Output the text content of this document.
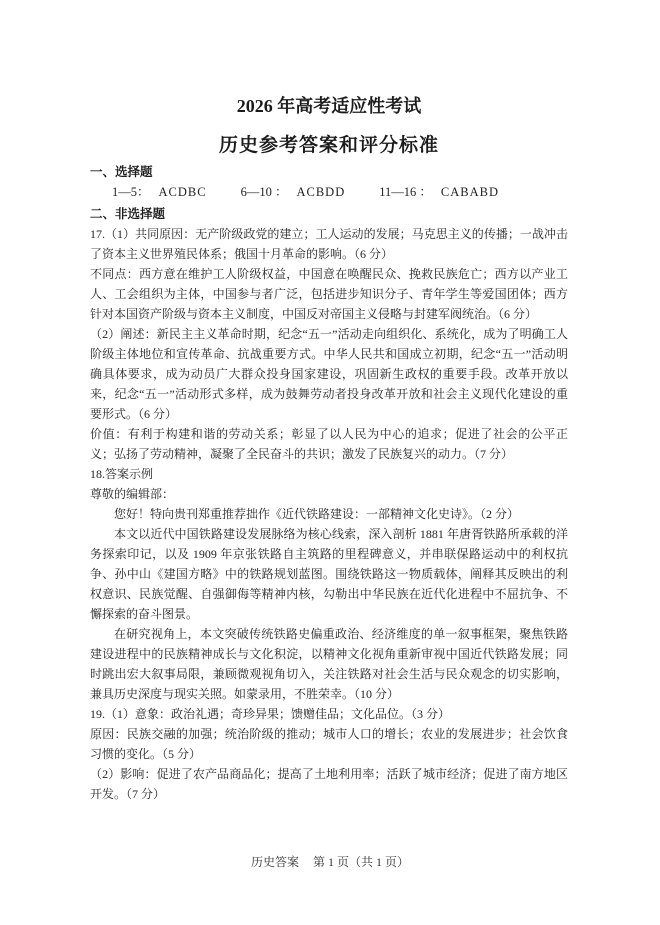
2026 年高考适应性考试
历史参考答案和评分标准
一、选择题
1—5： ACDBC	6—10 ： ACBDD	11—16 ： CABABD
二、非选择题

17.（1）共同原因：无产阶级政党的建立；工人运动的发展；马克思主义的传播；一战冲击了资本主义世界殖民体系；俄国十月革命的影响。（6 分）

不同点：西方意在维护工人阶级权益，中国意在唤醒民众、挽救民族危亡；西方以产业工人、工会组织为主体，中国参与者广泛，包括进步知识分子、青年学生等爱国团体；西方针对本国资产阶级与资本主义制度，中国反对帝国主义侵略与封建军阀统治。（6 分）

（2）阐述：新民主主义革命时期，纪念“五一”活动走向组织化、系统化，成为了明确工人阶级主体地位和宣传革命、抗战重要方式。中华人民共和国成立初期，纪念“五一”活动明确具体要求，成为动员广大群众投身国家建设，巩固新生政权的重要手段。改革开放以来，纪念“五一”活动形式多样，成为鼓舞劳动者投身改革开放和社会主义现代化建设的重要形式。（6 分）

价值：有利于构建和谐的劳动关系；彰显了以人民为中心的追求；促进了社会的公平正义；弘扬了劳动精神，凝聚了全民奋斗的共识；激发了民族复兴的动力。（7 分）

18.答案示例

尊敬的编辑部：

您好！特向贵刊郑重推荐拙作《近代铁路建设：一部精神文化史诗》。（2 分）

本文以近代中国铁路建设发展脉络为核心线索，深入剖析 1881 年唐胥铁路所承载的洋务探索印记，以及 1909 年京张铁路自主筑路的里程碑意义，并串联保路运动中的利权抗争、孙中山《建国方略》中的铁路规划蓝图。围绕铁路这一物质载体，阐释其反映出的利权意识、民族觉醒、自强御侮等精神内核，勾勒出中华民族在近代化进程中不屈抗争、不懈探索的奋斗图景。

在研究视角上，本文突破传统铁路史偏重政治、经济维度的单一叙事框架，聚焦铁路建设进程中的民族精神成长与文化积淀，以精神文化视角重新审视中国近代铁路发展；同时跳出宏大叙事局限，兼顾微观视角切入，关注铁路对社会生活与民众观念的切实影响，兼具历史深度与现实关照。如蒙录用，不胜荣幸。（10 分）

19.（1）意象：政治礼遇；奇珍异果；馈赠佳品；文化品位。（3 分）

原因：民族交融的加强；统治阶级的推动；城市人口的增长；农业的发展进步；社会饮食习惯的变化。（5 分）

（2）影响：促进了农产品商品化；提高了土地利用率；活跃了城市经济；促进了南方地区开发。（7 分）

历史答案 第 1 页（共 1 页）
